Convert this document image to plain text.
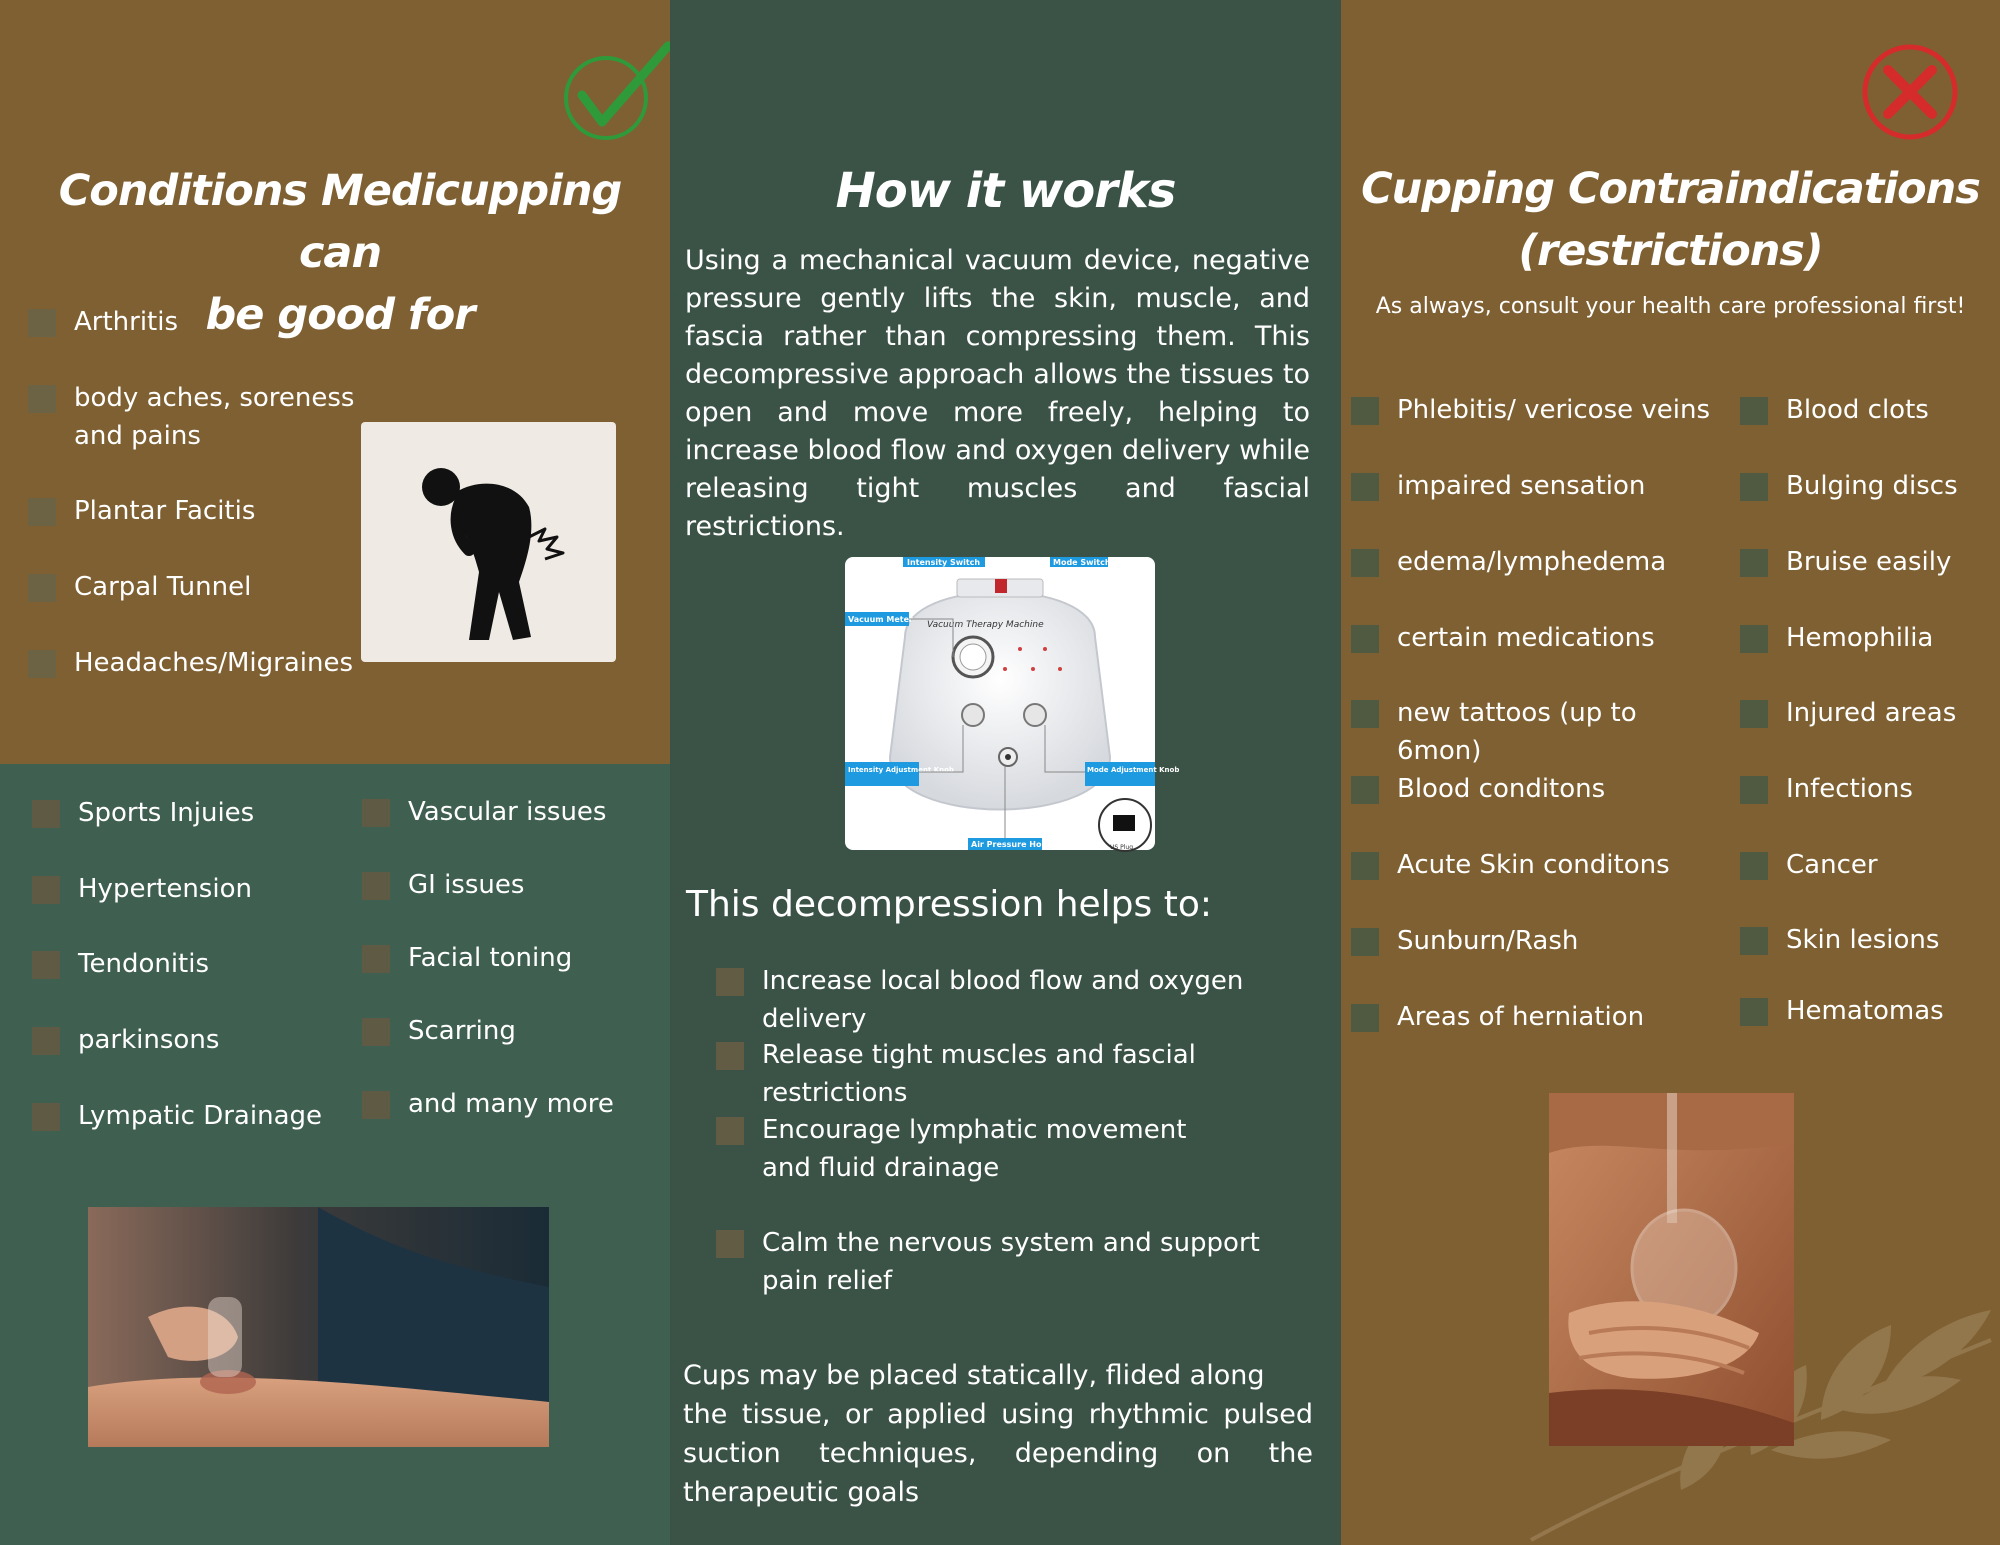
Conditions Medicupping can
be good for
Arthritis
body aches, soreness and pains
Plantar Facitis
Carpal Tunnel
Headaches/Migraines
Sports Injuies
Hypertension
Tendonitis
parkinsons
Lympatic Drainage
Vascular issues
GI issues
Facial toning
Scarring
and many more
How it works

Using a mechanical vacuum device, negative pressure gently lifts the skin, muscle, and fascia rather than compressing them. This decompressive approach allows the tissues to open and move more freely, helping to increase blood flow and oxygen delivery while releasing tight muscles and fascial restrictions.

Vacuum Therapy Machine
Intensity Switch	Mode Switch
Vacuum Meter
Intensity Adjustment Knob	Mode Adjustment Knob
Air Pressure Hole	US Plug

This decompression helps to:

Increase local blood flow and oxygen delivery
Release tight muscles and fascial restrictions
Encourage lymphatic movement and fluid drainage
Calm the nervous system and support pain relief
Cups may be placed statically, flided along
the tissue, or applied using rhythmic pulsed suction techniques, depending on the therapeutic goals
Cupping Contraindications
(restrictions)

As always, consult your health care professional first!

Phlebitis/ vericose veins
impaired sensation
edema/lymphedema
certain medications
new tattoos (up to 6mon)
Blood conditons
Acute Skin conditons
Sunburn/Rash
Areas of herniation
Blood clots
Bulging discs
Bruise easily
Hemophilia
Injured areas
Infections
Cancer
Skin lesions
Hematomas
